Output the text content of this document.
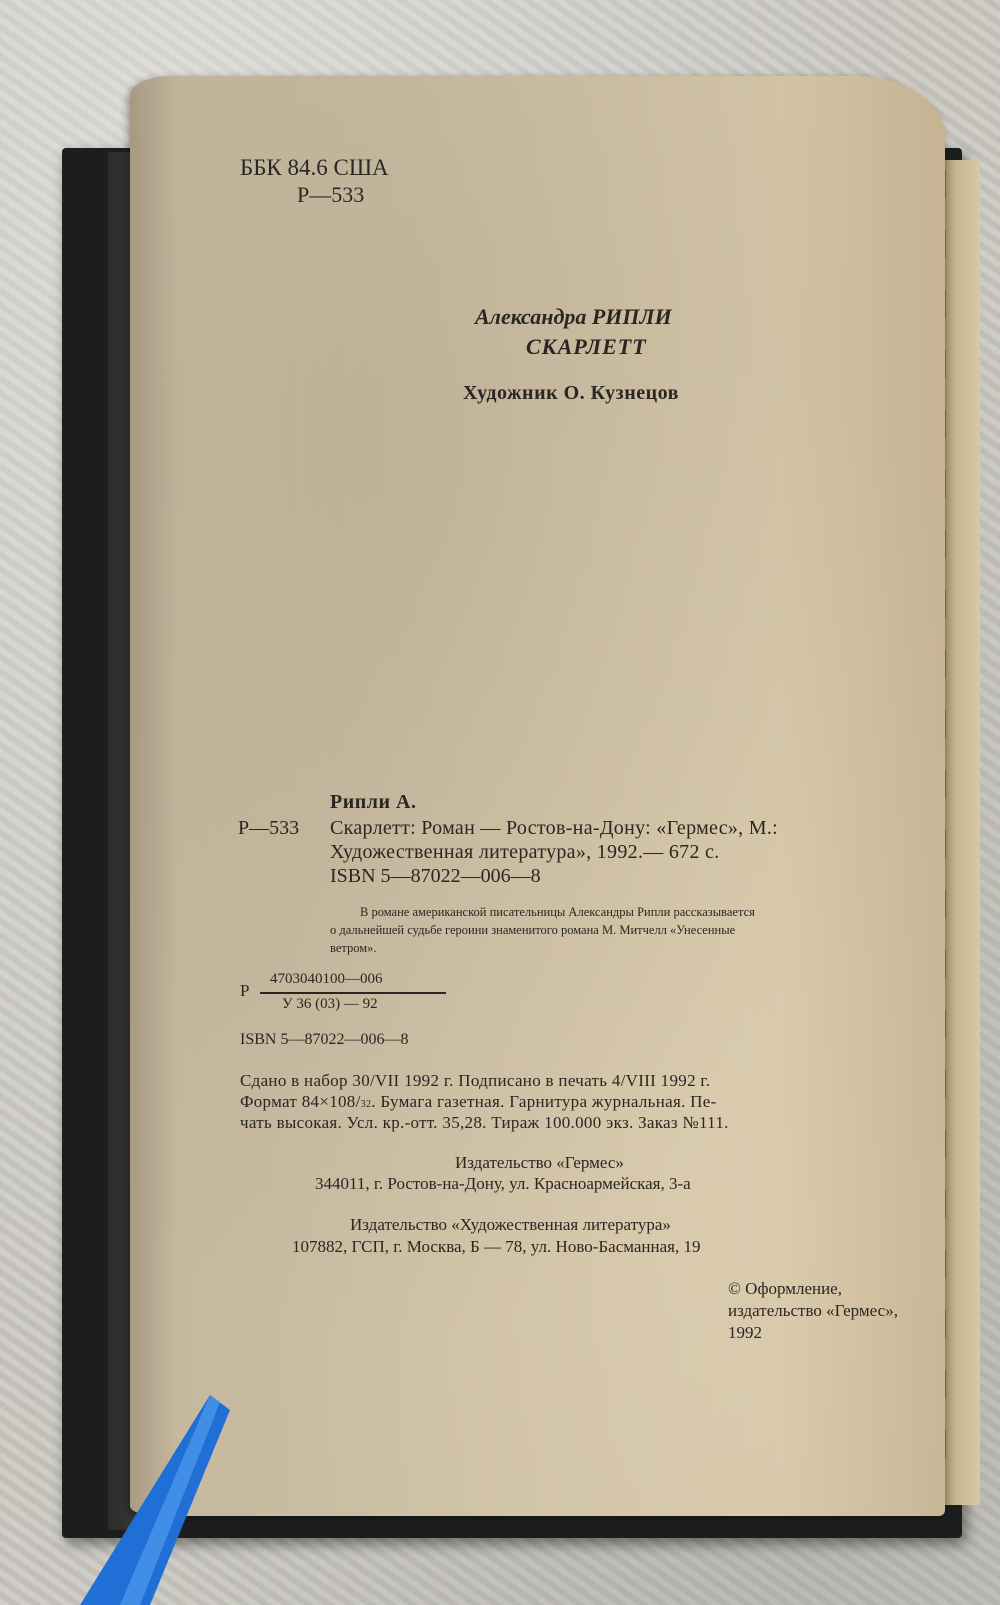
ББК 84.6 США
Р—533
Александра РИПЛИ
СКАРЛЕТТ
Художник О. Кузнецов
Рипли А.
Р—533 Скарлетт: Роман — Ростов-на-Дону: «Гермес», М.:
Художественная литература», 1992.— 672 с.
ISBN 5—87022—006—8
В романе американской писательницы Александры Рипли рассказывается
о дальнейшей судьбе героини знаменитого романа М. Митчелл «Унесенные
ветром».
Р
4703040100—006
У 36 (03) — 92
ISBN 5—87022—006—8
Сдано в набор 30/VII 1992 г. Подписано в печать 4/VIII 1992 г.
Формат 84×108/32. Бумага газетная. Гарнитура журнальная. Пе-
чать высокая. Усл. кр.-отт. 35,28. Тираж 100.000 экз. Заказ №111.
Издательство «Гермес»
344011, г. Ростов-на-Дону, ул. Красноармейская, 3-а
Издательство «Художественная литература»
107882, ГСП, г. Москва, Б — 78, ул. Ново-Басманная, 19
© Оформление,
издательство «Гермес»,
1992
